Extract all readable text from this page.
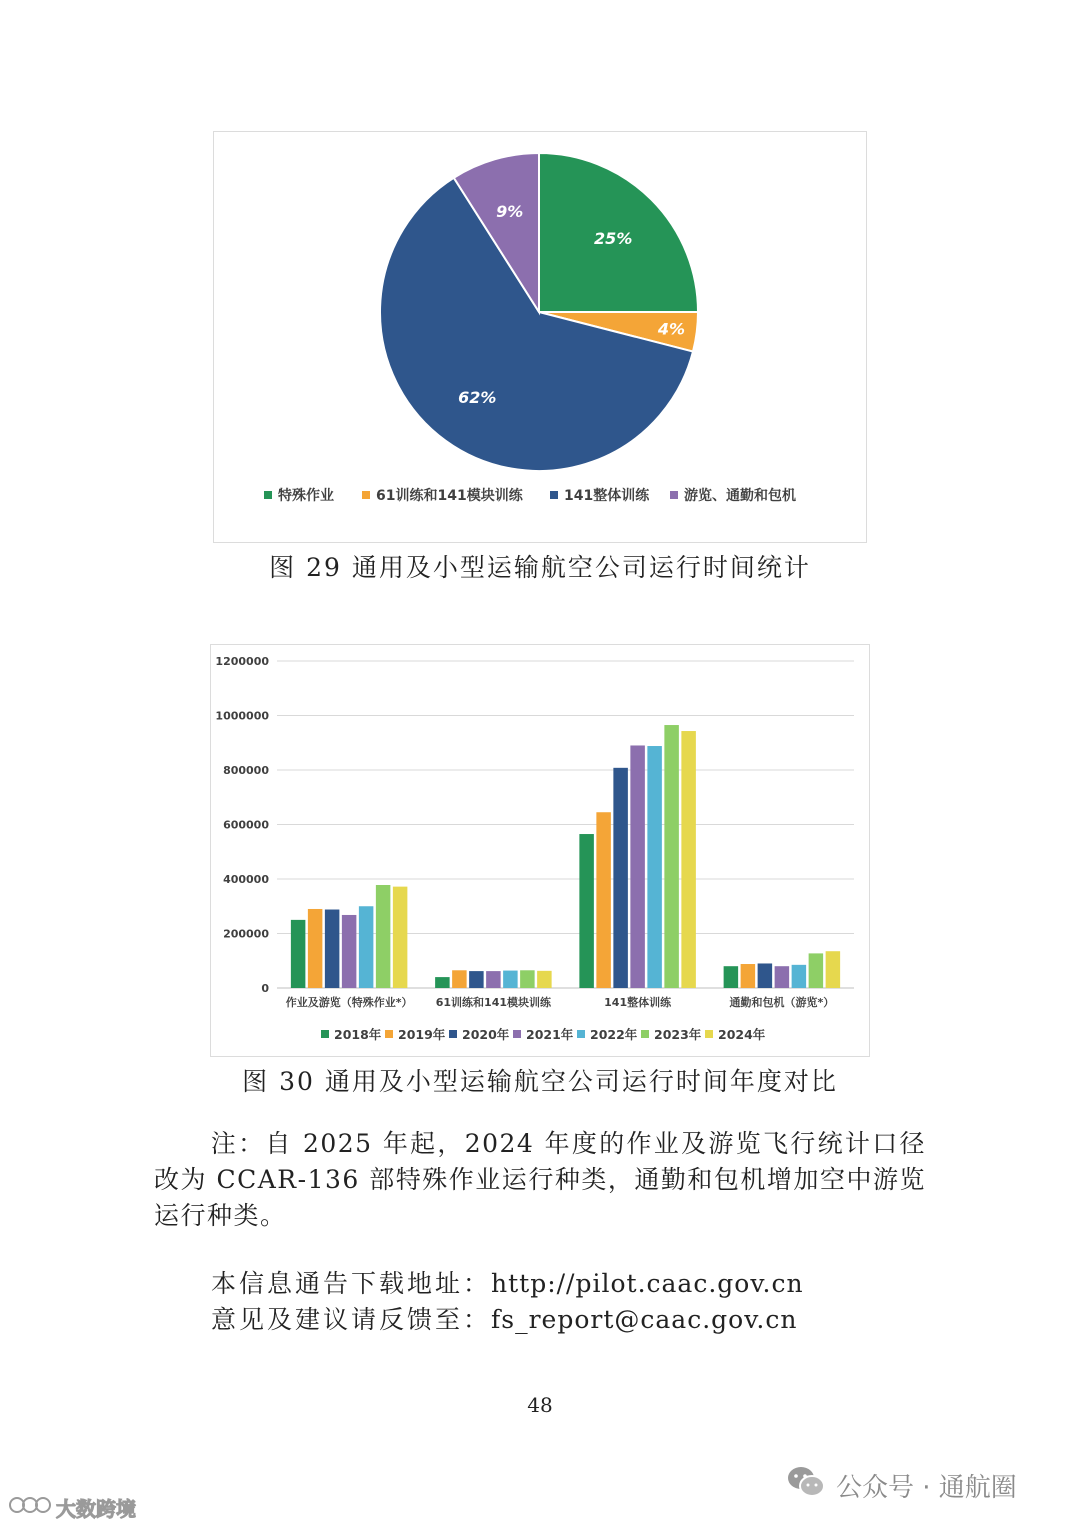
25%
4%
62%
9%
特殊作业	61训练和141模块训练	141整体训练 游览、通勤和包机
图 29 通用及小型运输航空公司运行时间统计
0
200000
400000
600000
800000
1000000
1200000
作业及游览（特殊作业*） 61训练和141模块训练	141整体训练	通勤和包机（游览*）
2018年 2019年 2020年 2021年 2022年 2023年 2024年
图 30 通用及小型运输航空公司运行时间年度对比
注：自 2025 年起，2024 年度的作业及游览飞行统计口径改为 CCAR-136 部特殊作业运行种类，通勤和包机增加空中游览运行种类。
本信息通告下载地址：http://pilot.caac.gov.cn
意见及建议请反馈至：fs_report@caac.gov.cn
48
公众号 · 通航圈
大数跨境
